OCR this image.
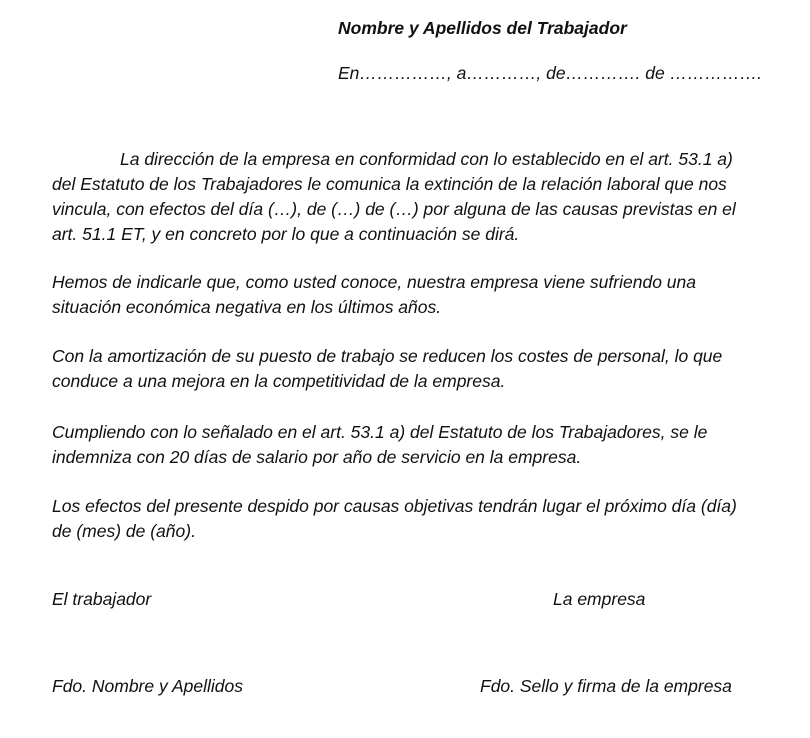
Nombre y Apellidos del Trabajador
En……………, a…………, de…………. de …………….

La dirección de la empresa en conformidad con lo establecido en el art. 53.1 a) del Estatuto de los Trabajadores le comunica la extinción de la relación laboral que nos vincula, con efectos del día (…), de (…) de (…) por alguna de las causas previstas en el art. 51.1 ET, y en concreto por lo que a continuación se dirá.

Hemos de indicarle que, como usted conoce, nuestra empresa viene sufriendo una situación económica negativa en los últimos años.

Con la amortización de su puesto de trabajo se reducen los costes de personal, lo que conduce a una mejora en la competitividad de la empresa.

Cumpliendo con lo señalado en el art. 53.1 a) del Estatuto de los Trabajadores, se le indemniza con 20 días de salario por año de servicio en la empresa.

Los efectos del presente despido por causas objetivas tendrán lugar el próximo día (día) de (mes) de (año).

El trabajador	La empresa
Fdo. Nombre y Apellidos	Fdo. Sello y firma de la empresa
